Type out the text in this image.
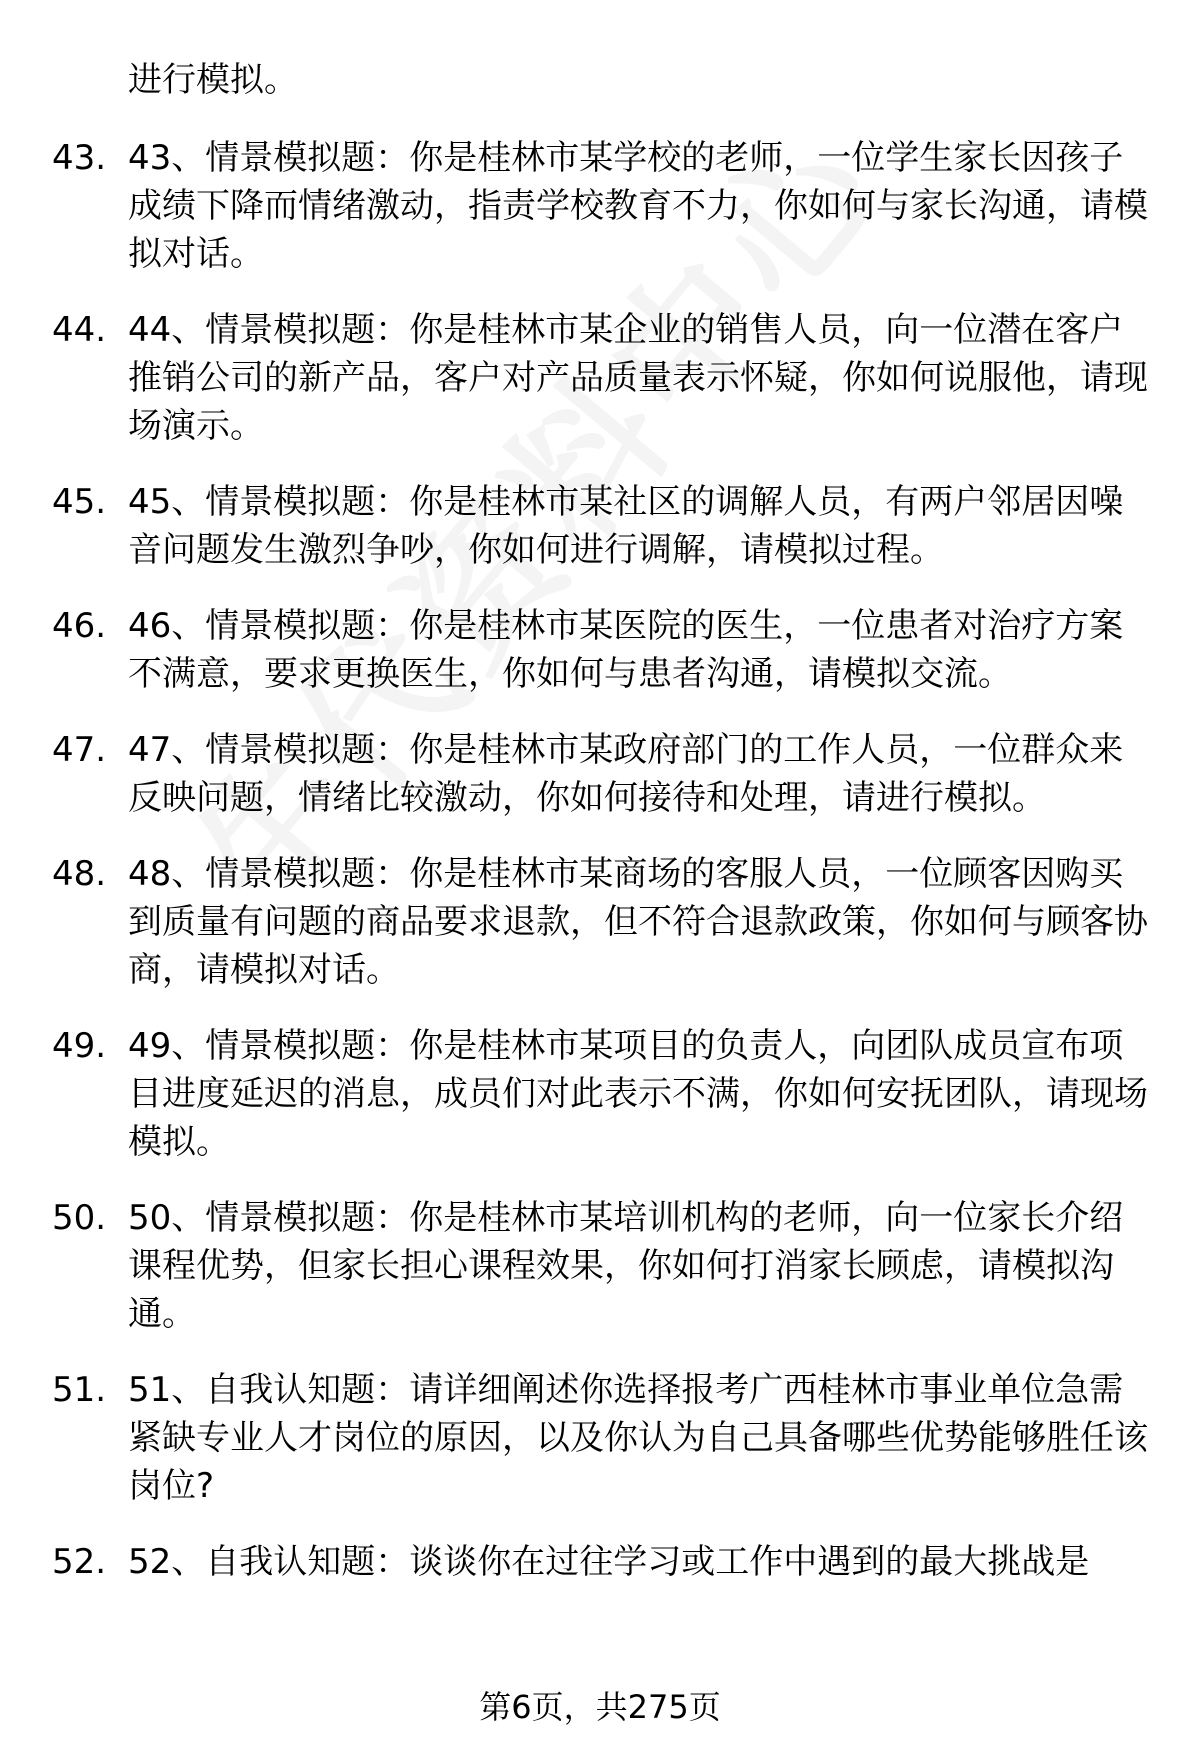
进行模拟。
43. 43、情景模拟题：你是桂林市某学校的老师，一位学生家长因孩子成绩下降而情绪激动，指责学校教育不力，你如何与家长沟通，请模拟对话。
44. 44、情景模拟题：你是桂林市某企业的销售人员，向一位潜在客户推销公司的新产品，客户对产品质量表示怀疑，你如何说服他，请现场演示。
45. 45、情景模拟题：你是桂林市某社区的调解人员，有两户邻居因噪音问题发生激烈争吵，你如何进行调解，请模拟过程。
46. 46、情景模拟题：你是桂林市某医院的医生，一位患者对治疗方案不满意，要求更换医生，你如何与患者沟通，请模拟交流。
47. 47、情景模拟题：你是桂林市某政府部门的工作人员，一位群众来反映问题，情绪比较激动，你如何接待和处理，请进行模拟。
48. 48、情景模拟题：你是桂林市某商场的客服人员，一位顾客因购买到质量有问题的商品要求退款，但不符合退款政策，你如何与顾客协商，请模拟对话。
49. 49、情景模拟题：你是桂林市某项目的负责人，向团队成员宣布项目进度延迟的消息，成员们对此表示不满，你如何安抚团队，请现场模拟。
50. 50、情景模拟题：你是桂林市某培训机构的老师，向一位家长介绍课程优势，但家长担心课程效果，你如何打消家长顾虑，请模拟沟通。
51. 51、自我认知题：请详细阐述你选择报考广西桂林市事业单位急需紧缺专业人才岗位的原因，以及你认为自己具备哪些优势能够胜任该岗位?
52. 52、自我认知题：谈谈你在过往学习或工作中遇到的最大挑战是
第6页，共275页
